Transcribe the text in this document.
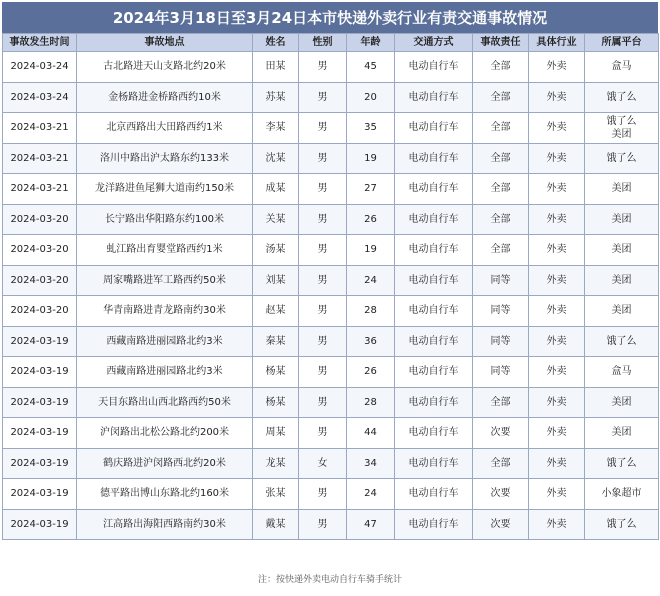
2024年3月18日至3月24日本市快递外卖行业有责交通事故情况
事故发生时间	事故地点	姓名	性别	年龄	交通方式	事故责任	具体行业	所属平台
2024-03-24	古北路进天山支路北约20米	田某	男	45	电动自行车	全部	外卖	盒马
2024-03-24	金杨路进金桥路西约10米	苏某	男	20	电动自行车	全部	外卖	饿了么
2024-03-21	北京西路出大田路西约1米	李某	男	35	电动自行车	全部	外卖	饿了么
美团
2024-03-21	洛川中路出沪太路东约133米	沈某	男	19	电动自行车	全部	外卖	饿了么
2024-03-21	龙洋路进鱼尾狮大道南约150米	成某	男	27	电动自行车	全部	外卖	美团
2024-03-20	长宁路出华阳路东约100米	关某	男	26	电动自行车	全部	外卖	美团
2024-03-20	虬江路出育婴堂路西约1米	汤某	男	19	电动自行车	全部	外卖	美团
2024-03-20	周家嘴路进军工路西约50米	刘某	男	24	电动自行车	同等	外卖	美团
2024-03-20	华青南路进青龙路南约30米	赵某	男	28	电动自行车	同等	外卖	美团
2024-03-19	西藏南路进丽园路北约3米	秦某	男	36	电动自行车	同等	外卖	饿了么
2024-03-19	西藏南路进丽园路北约3米	杨某	男	26	电动自行车	同等	外卖	盒马
2024-03-19	天目东路出山西北路西约50米	杨某	男	28	电动自行车	全部	外卖	美团
2024-03-19	沪闵路出北松公路北约200米	周某	男	44	电动自行车	次要	外卖	美团
2024-03-19	鹤庆路进沪闵路西北约20米	龙某	女	34	电动自行车	全部	外卖	饿了么
2024-03-19	德平路出博山东路北约160米	张某	男	24	电动自行车	次要	外卖	小象超市
2024-03-19	江高路出海阳西路南约30米	戴某	男	47	电动自行车	次要	外卖	饿了么
注：按快递外卖电动自行车骑手统计
